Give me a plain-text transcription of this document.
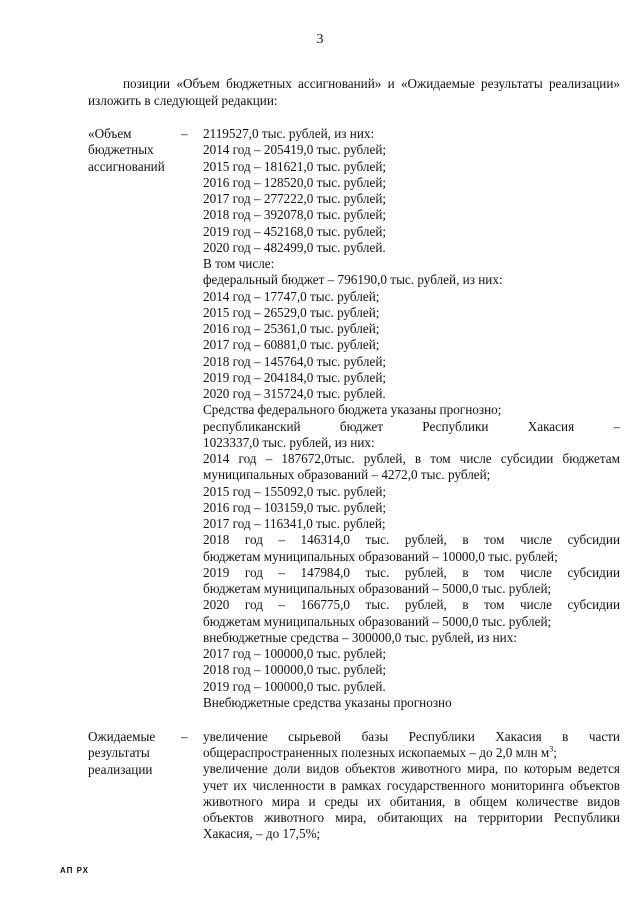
3
позиции «Объем бюджетных ассигнований» и «Ожидаемые результаты реализации» изложить в следующей редакции:
«Объем
бюджетных
ассигнований
– 2119527,0 тыс. рублей, из них:
2014 год – 205419,0 тыс. рублей;
2015 год – 181621,0 тыс. рублей;
2016 год – 128520,0 тыс. рублей;
2017 год – 277222,0 тыс. рублей;
2018 год – 392078,0 тыс. рублей;
2019 год – 452168,0 тыс. рублей;
2020 год – 482499,0 тыс. рублей.
В том числе:
федеральный бюджет – 796190,0 тыс. рублей, из них:
2014 год – 17747,0 тыс. рублей;
2015 год – 26529,0 тыс. рублей;
2016 год – 25361,0 тыс. рублей;
2017 год – 60881,0 тыс. рублей;
2018 год – 145764,0 тыс. рублей;
2019 год – 204184,0 тыс. рублей;
2020 год – 315724,0 тыс. рублей.
Средства федерального бюджета указаны прогнозно;
республиканский бюджет Республики Хакасия –
1023337,0 тыс. рублей, из них:
2014 год – 187672,0тыс. рублей, в том числе субсидии бюджетам
муниципальных образований – 4272,0 тыс. рублей;
2015 год – 155092,0 тыс. рублей;
2016 год – 103159,0 тыс. рублей;
2017 год – 116341,0 тыс. рублей;
2018 год – 146314,0 тыс. рублей, в том числе субсидии
бюджетам муниципальных образований – 10000,0 тыс. рублей;
2019 год – 147984,0 тыс. рублей, в том числе субсидии
бюджетам муниципальных образований – 5000,0 тыс. рублей;
2020 год – 166775,0 тыс. рублей, в том числе субсидии
бюджетам муниципальных образований – 5000,0 тыс. рублей;
внебюджетные средства – 300000,0 тыс. рублей, из них:
2017 год – 100000,0 тыс. рублей;
2018 год – 100000,0 тыс. рублей;
2019 год – 100000,0 тыс. рублей.
Внебюджетные средства указаны прогнозно
Ожидаемые
результаты
реализации
– увеличение сырьевой базы Республики Хакасия в части общераспространенных полезных ископаемых – до 2,0 млн $м^3$;
увеличение доли видов объектов животного мира, по которым ведется учет их численности в рамках государственного мониторинга объектов животного мира и среды их обитания, в общем количестве видов объектов животного мира, обитающих на территории Республики Хакасия, – до 17,5%;
АП РХ
